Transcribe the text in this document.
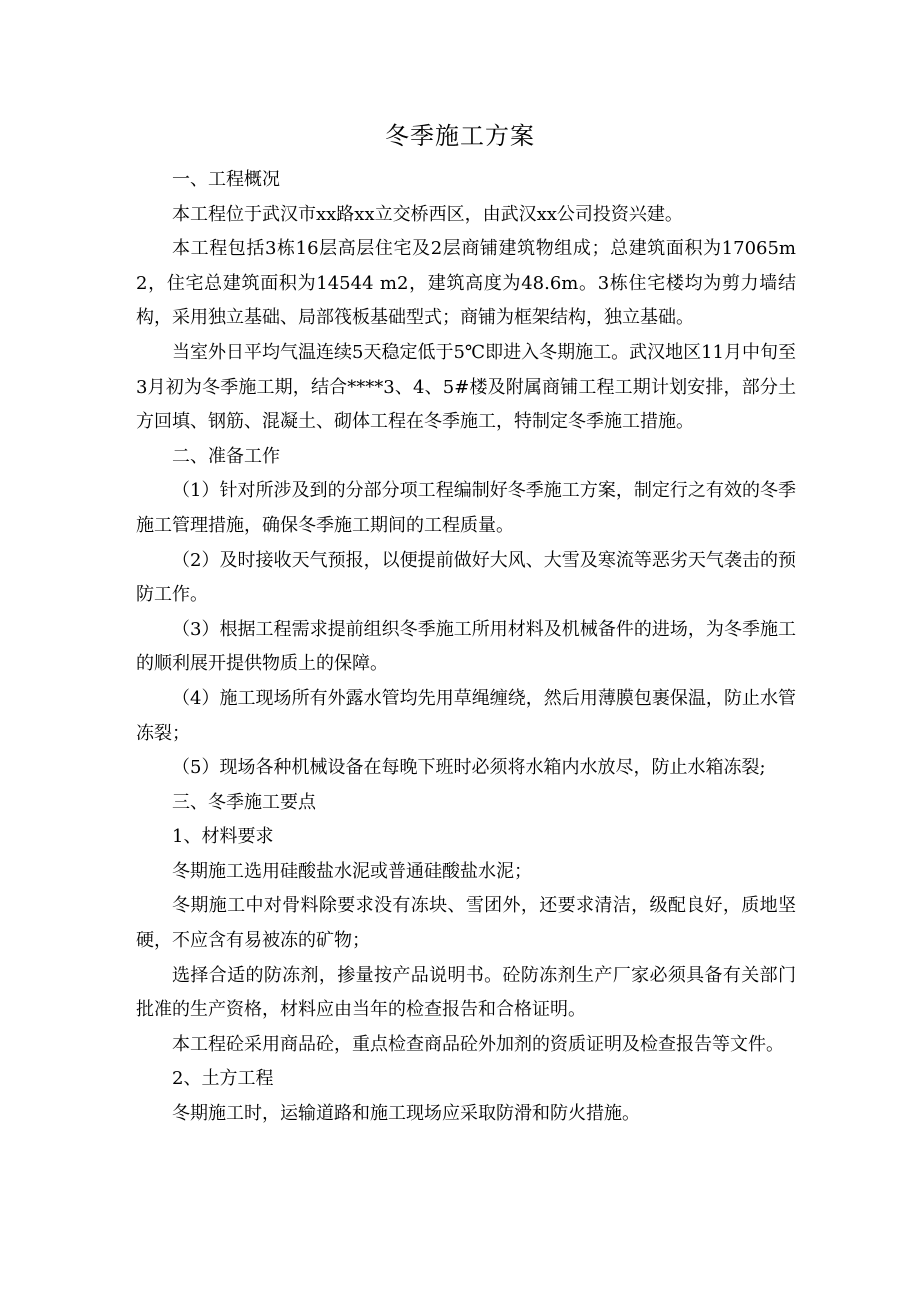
冬季施工方案

一、工程概况

本工程位于武汉市xx路xx立交桥西区，由武汉xx公司投资兴建。

本工程包括3栋16层高层住宅及2层商铺建筑物组成；总建筑面积为17065m2，住宅总建筑面积为14544 m2，建筑高度为48.6m。3栋住宅楼均为剪力墙结构，采用独立基础、局部筏板基础型式；商铺为框架结构，独立基础。

当室外日平均气温连续5天稳定低于5℃即进入冬期施工。武汉地区11月中旬至3月初为冬季施工期，结合****3、4、5#楼及附属商铺工程工期计划安排，部分土方回填、钢筋、混凝土、砌体工程在冬季施工，特制定冬季施工措施。

二、准备工作

（1）针对所涉及到的分部分项工程编制好冬季施工方案，制定行之有效的冬季施工管理措施，确保冬季施工期间的工程质量。

（2）及时接收天气预报，以便提前做好大风、大雪及寒流等恶劣天气袭击的预防工作。

（3）根据工程需求提前组织冬季施工所用材料及机械备件的进场，为冬季施工的顺利展开提供物质上的保障。

（4）施工现场所有外露水管均先用草绳缠绕，然后用薄膜包裹保温，防止水管冻裂；

（5）现场各种机械设备在每晚下班时必须将水箱内水放尽，防止水箱冻裂;

三、冬季施工要点

1、材料要求

冬期施工选用硅酸盐水泥或普通硅酸盐水泥；

冬期施工中对骨料除要求没有冻块、雪团外，还要求清洁，级配良好，质地坚硬，不应含有易被冻的矿物；

选择合适的防冻剂，掺量按产品说明书。砼防冻剂生产厂家必须具备有关部门批准的生产资格，材料应由当年的检查报告和合格证明。

本工程砼采用商品砼，重点检查商品砼外加剂的资质证明及检查报告等文件。

2、土方工程

冬期施工时，运输道路和施工现场应采取防滑和防火措施。
